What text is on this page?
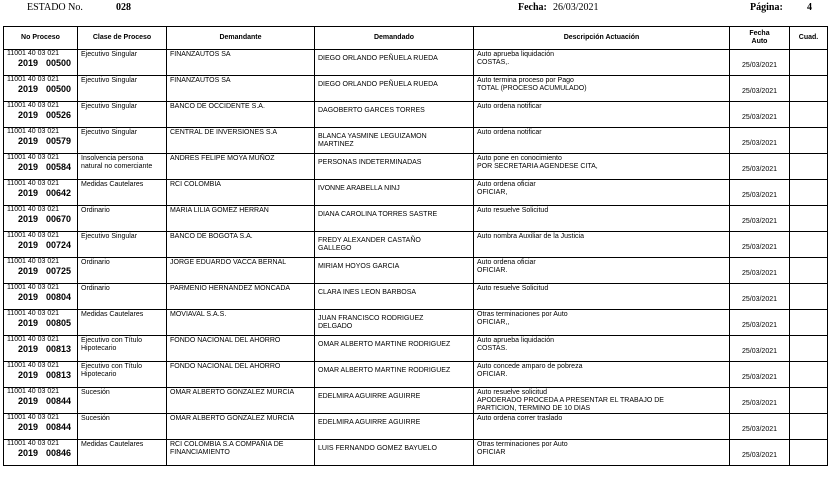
ESTADO No.	028	Fecha: 26/03/2021	Página: 4
No Proceso	Clase de Proceso	Demandante	Demandado	Descripción Actuación	Fecha
Auto	Cuad.

11001 40 03 021
2019 00500	Ejecutivo Singular	FINANZAUTOS SA	DIEGO ORLANDO PEÑUELA RUEDA	Auto aprueba liquidación
COSTAS,.	25/03/2021	

11001 40 03 021
2019 00500	Ejecutivo Singular	FINANZAUTOS SA	DIEGO ORLANDO PEÑUELA RUEDA	Auto termina proceso por Pago
TOTAL (PROCESO ACUMULADO)	25/03/2021	

11001 40 03 021
2019 00526	Ejecutivo Singular	BANCO DE OCCIDENTE S.A.	DAGOBERTO GARCES TORRES	Auto ordena notificar	25/03/2021	

11001 40 03 021
2019 00579	Ejecutivo Singular	CENTRAL DE INVERSIONES S.A	BLANCA YASMINE LEGUIZAMON
MARTINEZ	Auto ordena notificar	25/03/2021	

11001 40 03 021
2019 00584	Insolvencia persona
natural no comerciante	ANDRES FELIPE MOYA MUÑOZ	PERSONAS INDETERMINADAS	Auto pone en conocimiento
POR SECRETARIA AGENDESE CITA,	25/03/2021	

11001 40 03 021
2019 00642	Medidas Cautelares	RCI COLOMBIA	IVONNE ARABELLA NINJ	Auto ordena oficiar
OFICIAR,	25/03/2021	

11001 40 03 021
2019 00670	Ordinario	MARIA LILIA GOMEZ HERRAN	DIANA CAROLINA TORRES SASTRE	Auto resuelve Solicitud	25/03/2021	

11001 40 03 021
2019 00724	Ejecutivo Singular	BANCO DE BOGOTA S.A.	FREDY ALEXANDER CASTAÑO
GALLEGO	Auto nombra Auxiliar de la Justicia	25/03/2021	

11001 40 03 021
2019 00725	Ordinario	JORGE EDUARDO VACCA BERNAL	MIRIAM HOYOS GARCIA	Auto ordena oficiar
OFICIAR.	25/03/2021	

11001 40 03 021
2019 00804	Ordinario	PARMENIO HERNANDEZ MONCADA	CLARA INES LEON BARBOSA	Auto resuelve Solicitud	25/03/2021	

11001 40 03 021
2019 00805	Medidas Cautelares	MOVIAVAL S.A.S.	JUAN FRANCISCO RODRIGUEZ
DELGADO	Otras terminaciones por Auto
OFICIAR,,	25/03/2021	

11001 40 03 021
2019 00813	Ejecutivo con Título
Hipotecario	FONDO NACIONAL DEL AHORRO	OMAR ALBERTO MARTINE RODRIGUEZ	Auto aprueba liquidación
COSTAS.	25/03/2021	

11001 40 03 021
2019 00813	Ejecutivo con Título
Hipotecario	FONDO NACIONAL DEL AHORRO	OMAR ALBERTO MARTINE RODRIGUEZ	Auto concede amparo de pobreza
OFICIAR.	25/03/2021	

11001 40 03 021
2019 00844	Sucesión	OMAR ALBERTO GONZALEZ MURCIA	EDELMIRA AGUIRRE AGUIRRE	Auto resuelve solicitud
APODERADO PROCEDA A PRESENTAR EL TRABAJO DE
PARTICION, TERMINO DE 10 DIAS	25/03/2021	

11001 40 03 021
2019 00844	Sucesión	OMAR ALBERTO GONZALEZ MURCIA	EDELMIRA AGUIRRE AGUIRRE	Auto ordena correr traslado	25/03/2021	

11001 40 03 021
2019 00846	Medidas Cautelares	RCI COLOMBIA S.A COMPAÑIA DE
FINANCIAMIENTO	LUIS FERNANDO GOMEZ BAYUELO	Otras terminaciones por Auto
OFICIAR	25/03/2021	
